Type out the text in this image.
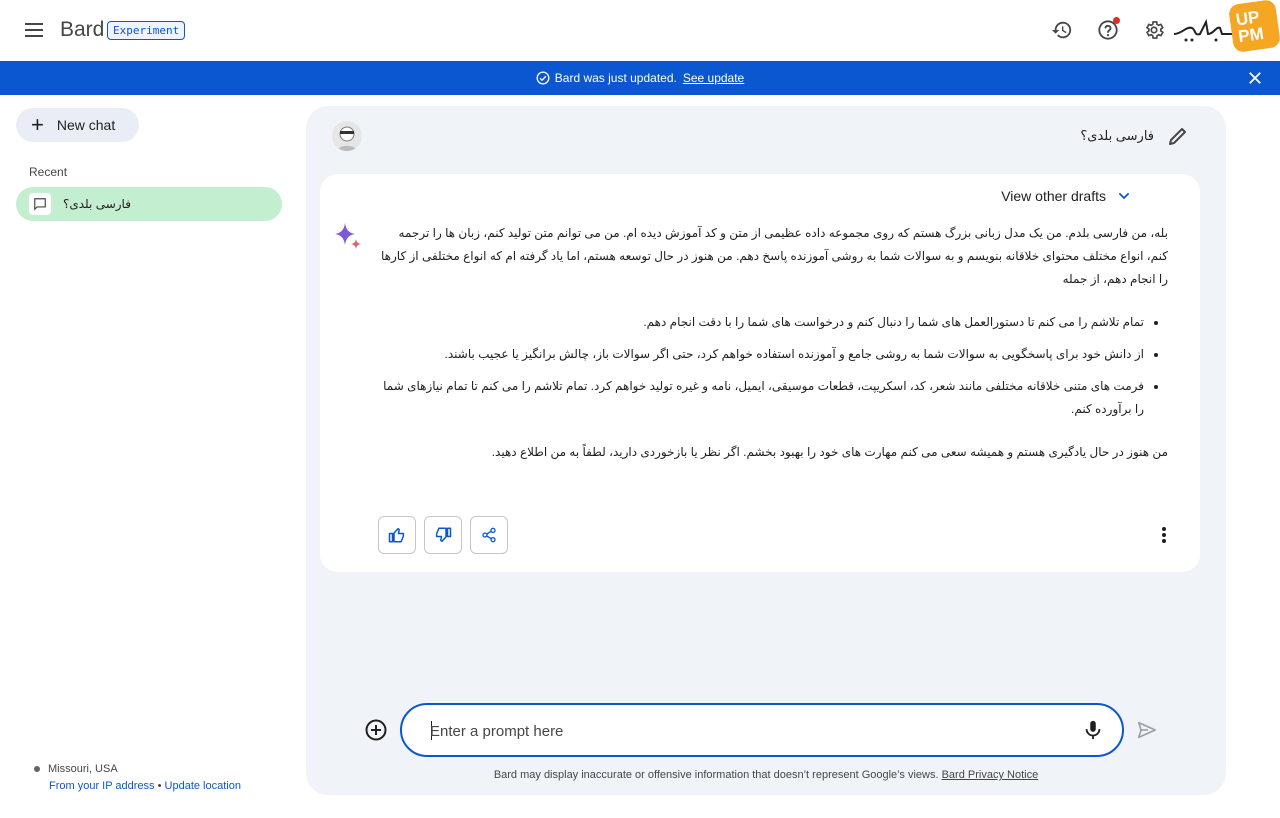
Bard Experiment
UP
PM
Bard was just updated. See update
+ New chat
Recent
فارسی بلدی؟
Missouri, USA
From your IP address • Update location
فارسی بلدی؟
View other drafts

بله، من فارسی بلدم. من یک مدل زبانی بزرگ هستم که روی مجموعه داده عظیمی از متن و کد آموزش دیده ام. من می توانم متن تولید کنم، زبان ها را ترجمه کنم، انواع مختلف محتوای خلاقانه بنویسم و به سوالات شما به روشی آموزنده پاسخ دهم. من هنوز در حال توسعه هستم، اما یاد گرفته ام که انواع مختلفی از کارها را انجام دهم، از جمله

• تمام تلاشم را می کنم تا دستورالعمل های شما را دنبال کنم و درخواست های شما را با دقت انجام دهم.
• از دانش خود برای پاسخگویی به سوالات شما به روشی جامع و آموزنده استفاده خواهم کرد، حتی اگر سوالات باز، چالش برانگیز یا عجیب باشند.
• فرمت های متنی خلاقانه مختلفی مانند شعر، کد، اسکریپت، قطعات موسیقی، ایمیل، نامه و غیره تولید خواهم کرد. تمام تلاشم را می کنم تا تمام نیازهای شما را برآورده کنم.

من هنوز در حال یادگیری هستم و همیشه سعی می کنم مهارت های خود را بهبود بخشم. اگر نظر یا بازخوردی دارید، لطفاً به من اطلاع دهید.

Enter a prompt here
Bard may display inaccurate or offensive information that doesn’t represent Google’s views. Bard Privacy Notice
